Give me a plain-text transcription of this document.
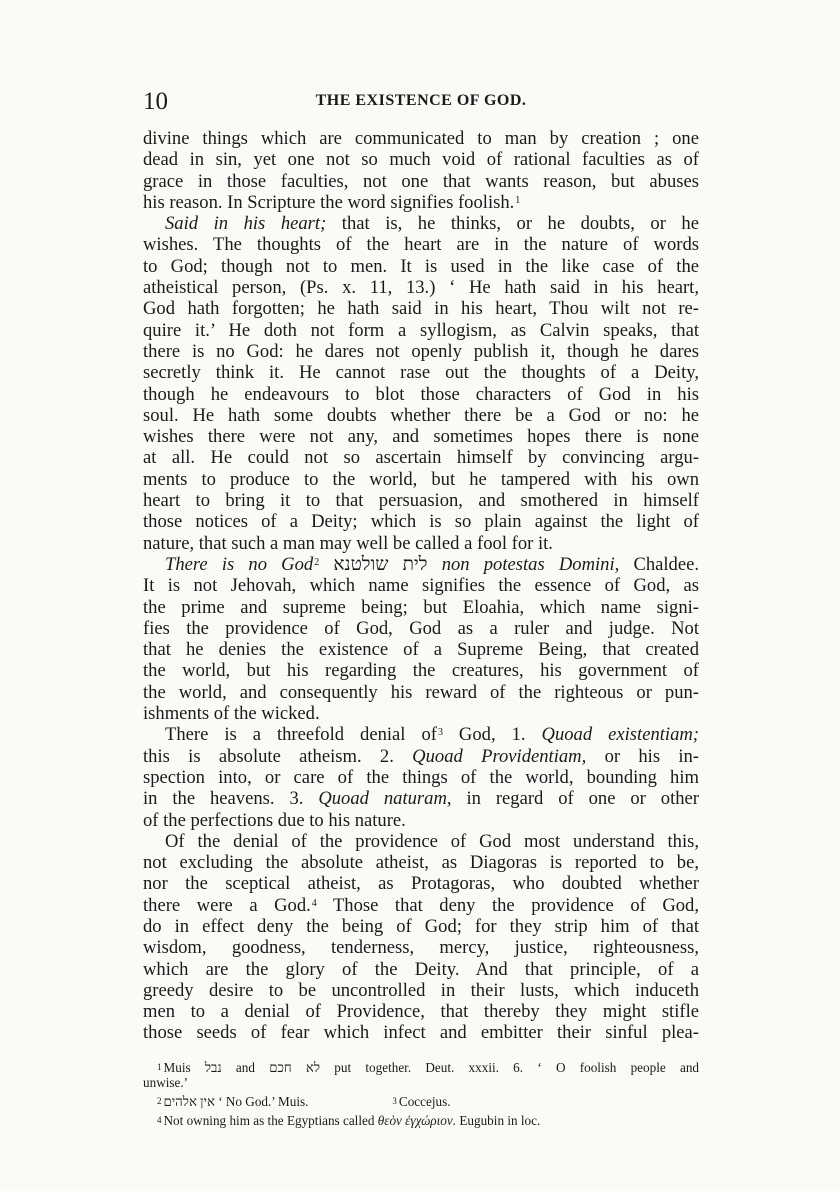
10	THE EXISTENCE OF GOD.
divine things which are communicated to man by creation ; one
dead in sin, yet one not so much void of rational faculties as of
grace in those faculties, not one that wants reason, but abuses
his reason. In Scripture the word signifies foolish.$^1$
Said in his heart; that is, he thinks, or he doubts, or he
wishes. The thoughts of the heart are in the nature of words
to God; though not to men. It is used in the like case of the
atheistical person, (Ps. x. 11, 13.) ‘ He hath said in his heart,
God hath forgotten; he hath said in his heart, Thou wilt not re-
quire it.’ He doth not form a syllogism, as Calvin speaks, that
there is no God: he dares not openly publish it, though he dares
secretly think it. He cannot rase out the thoughts of a Deity,
though he endeavours to blot those characters of God in his
soul. He hath some doubts whether there be a God or no: he
wishes there were not any, and sometimes hopes there is none
at all. He could not so ascertain himself by convincing argu-
ments to produce to the world, but he tampered with his own
heart to bring it to that persuasion, and smothered in himself
those notices of a Deity; which is so plain against the light of
nature, that such a man may well be called a fool for it.
There is no God$^2$ לית שולטנא non potestas Domini, Chaldee.
It is not Jehovah, which name signifies the essence of God, as
the prime and supreme being; but Eloahia, which name signi-
fies the providence of God, God as a ruler and judge. Not
that he denies the existence of a Supreme Being, that created
the world, but his regarding the creatures, his government of
the world, and consequently his reward of the righteous or pun-
ishments of the wicked.
There is a threefold denial of$^3$ God, 1. Quoad existentiam;
this is absolute atheism. 2. Quoad Providentiam, or his in-
spection into, or care of the things of the world, bounding him
in the heavens. 3. Quoad naturam, in regard of one or other
of the perfections due to his nature.
Of the denial of the providence of God most understand this,
not excluding the absolute atheist, as Diagoras is reported to be,
nor the sceptical atheist, as Protagoras, who doubted whether
there were a God.$^4$ Those that deny the providence of God,
do in effect deny the being of God; for they strip him of that
wisdom, goodness, tenderness, mercy, justice, righteousness,
which are the glory of the Deity. And that principle, of a
greedy desire to be uncontrolled in their lusts, which induceth
men to a denial of Providence, that thereby they might stifle
those seeds of fear which infect and embitter their sinful plea-
$^1$ Muis נבל and לא חכם put together. Deut. xxxii. 6. ‘ O foolish people and
unwise.’
$^2$ אין אלהים ‘ No God.’ Muis.	$^3$ Coccejus.
$^4$ Not owning him as the Egyptians called θεὸν ἐγχώριον. Eugubin in loc.
